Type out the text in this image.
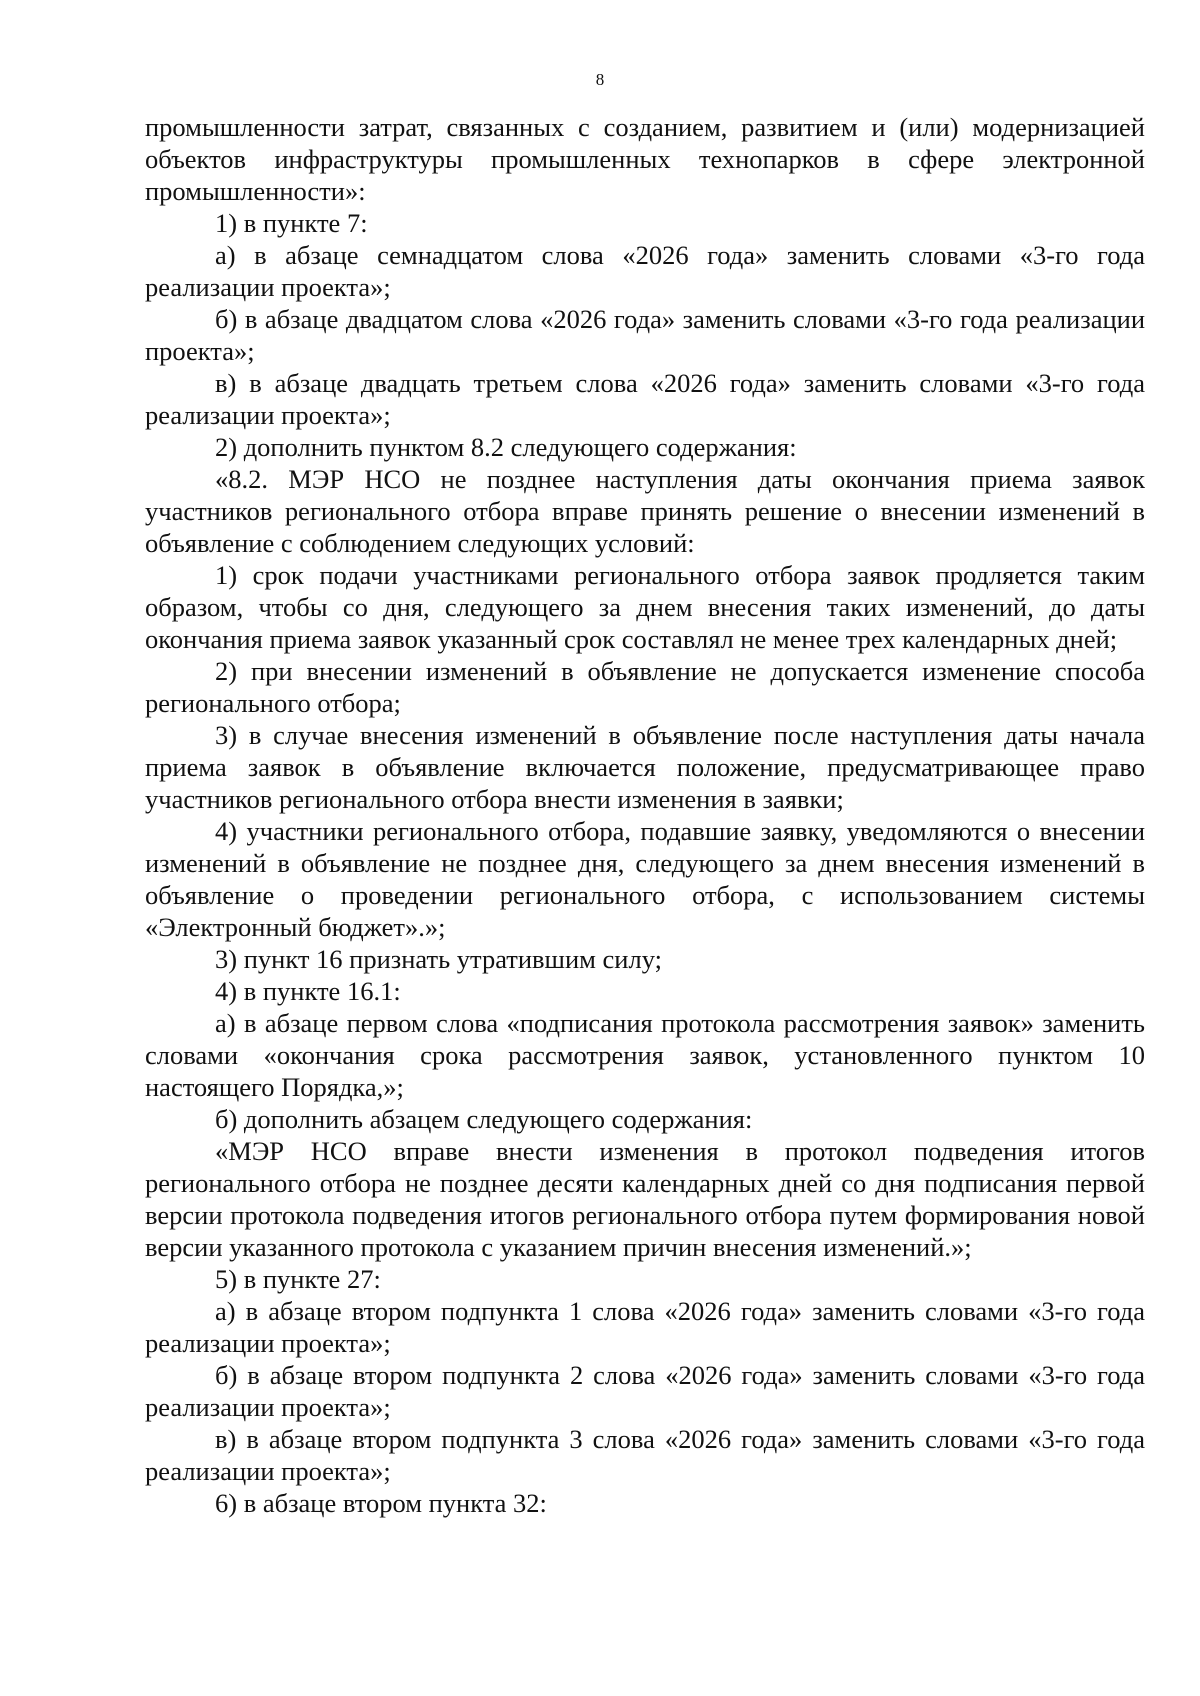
8

промышленности затрат, связанных с созданием, развитием и (или) модернизацией объектов инфраструктуры промышленных технопарков в сфере электронной промышленности»:

1) в пункте 7:

а) в абзаце семнадцатом слова «2026 года» заменить словами «3-го года реализации проекта»;

б) в абзаце двадцатом слова «2026 года» заменить словами «3-го года реализации проекта»;

в) в абзаце двадцать третьем слова «2026 года» заменить словами «3-го года реализации проекта»;

2) дополнить пунктом 8.2 следующего содержания:

«8.2. МЭР НСО не позднее наступления даты окончания приема заявок участников регионального отбора вправе принять решение о внесении изменений в объявление с соблюдением следующих условий:

1) срок подачи участниками регионального отбора заявок продляется таким образом, чтобы со дня, следующего за днем внесения таких изменений, до даты окончания приема заявок указанный срок составлял не менее трех календарных дней;

2) при внесении изменений в объявление не допускается изменение способа регионального отбора;

3) в случае внесения изменений в объявление после наступления даты начала приема заявок в объявление включается положение, предусматривающее право участников регионального отбора внести изменения в заявки;

4) участники регионального отбора, подавшие заявку, уведомляются о внесении изменений в объявление не позднее дня, следующего за днем внесения изменений в объявление о проведении регионального отбора, с использованием системы «Электронный бюджет».»;

3) пункт 16 признать утратившим силу;

4) в пункте 16.1:

а) в абзаце первом слова «подписания протокола рассмотрения заявок» заменить словами «окончания срока рассмотрения заявок, установленного пунктом 10 настоящего Порядка,»;

б) дополнить абзацем следующего содержания:

«МЭР НСО вправе внести изменения в протокол подведения итогов регионального отбора не позднее десяти календарных дней со дня подписания первой версии протокола подведения итогов регионального отбора путем формирования новой версии указанного протокола с указанием причин внесения изменений.»;

5) в пункте 27:

а) в абзаце втором подпункта 1 слова «2026 года» заменить словами «3-го года реализации проекта»;

б) в абзаце втором подпункта 2 слова «2026 года» заменить словами «3-го года реализации проекта»;

в) в абзаце втором подпункта 3 слова «2026 года» заменить словами «3-го года реализации проекта»;

6) в абзаце втором пункта 32:
